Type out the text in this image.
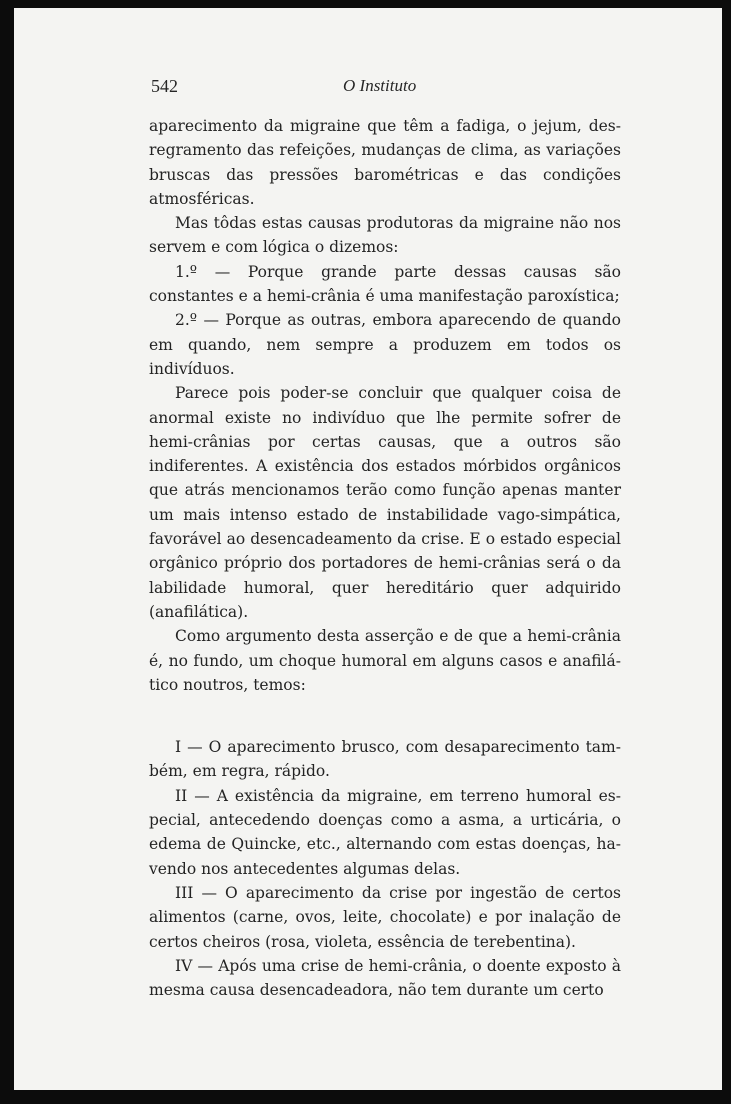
542	O Instituto

aparecimento da migraine que têm a fadiga, o jejum, desregramento das refeições, mudanças de clima, as variações bruscas das pressões barométricas e das condições atmosféricas.

Mas tôdas estas causas produtoras da migraine não nos servem e com lógica o dizemos:

1.º — Porque grande parte dessas causas são constantes e a hemi-crânia é uma manifestação paroxística;

2.º — Porque as outras, embora aparecendo de quando em quando, nem sempre a produzem em todos os indivíduos.

Parece pois poder-se concluir que qualquer coisa de anormal existe no indivíduo que lhe permite sofrer de hemi-crânias por certas causas, que a outros são indiferentes. A existência dos estados mórbidos orgânicos que atrás mencionamos terão como função apenas manter um mais intenso estado de instabilidade vago-simpática, favorável ao desencadeamento da crise. E o estado especial orgânico próprio dos portadores de hemi-crânias será o da labilidade humoral, quer hereditário quer adquirido (anafilática).

Como argumento desta asserção e de que a hemi-crânia é, no fundo, um choque humoral em alguns casos e anafilático noutros, temos:

I — O aparecimento brusco, com desaparecimento também, em regra, rápido.

II — A existência da migraine, em terreno humoral especial, antecedendo doenças como a asma, a urticária, o edema de Quincke, etc., alternando com estas doenças, havendo nos antecedentes algumas delas.

III — O aparecimento da crise por ingestão de certos alimentos (carne, ovos, leite, chocolate) e por inalação de certos cheiros (rosa, violeta, essência de terebentina).

IV — Após uma crise de hemi-crânia, o doente exposto à mesma causa desencadeadora, não tem durante um certo
